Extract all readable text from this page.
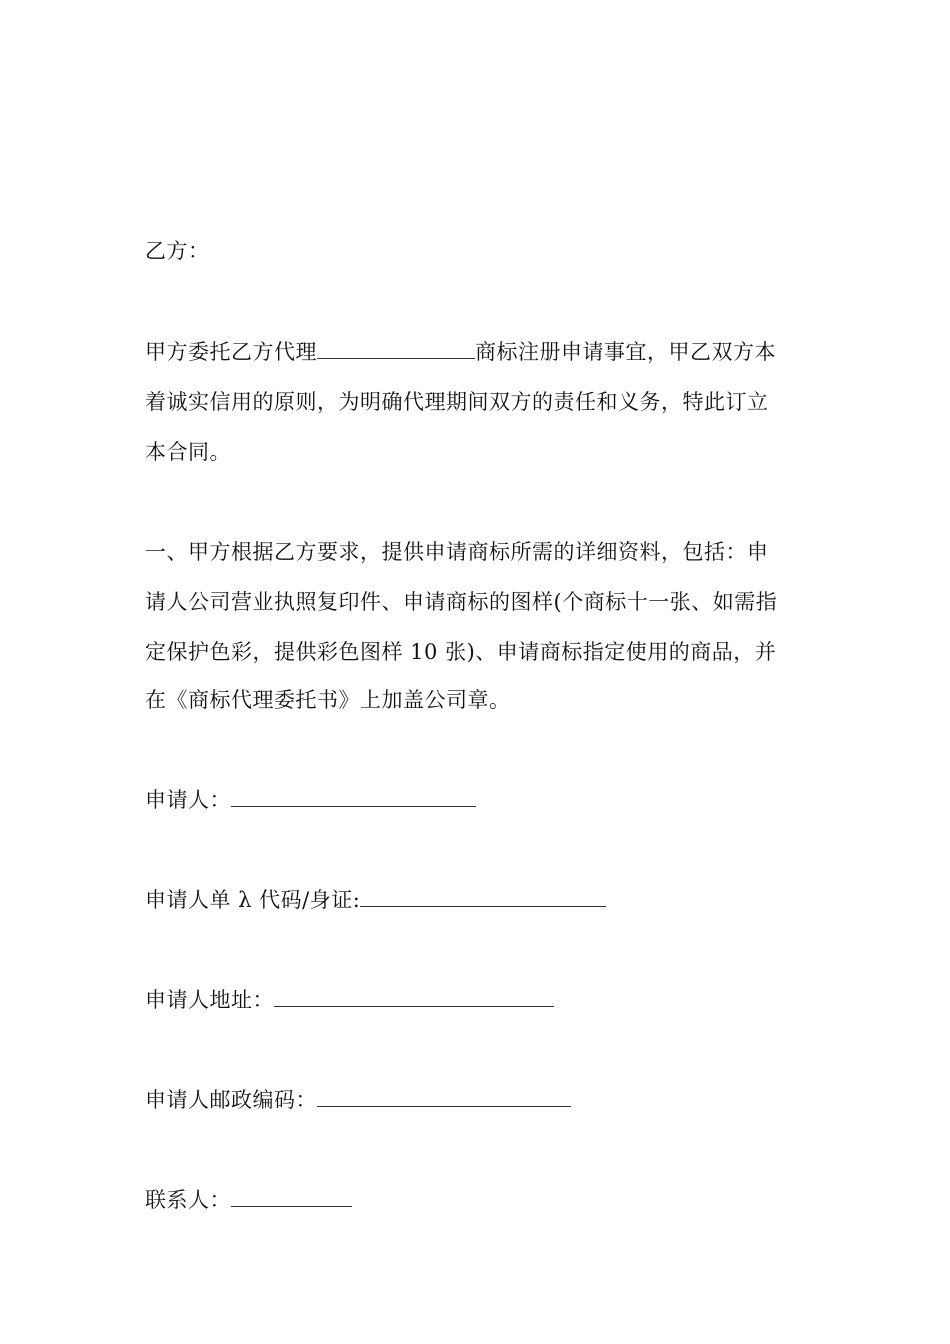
乙方：
甲方委托乙方代理	商标注册申请事宜，甲乙双方本
着诚实信用的原则，为明确代理期间双方的责任和义务，特此订立
本合同。
一、甲方根据乙方要求，提供申请商标所需的详细资料，包括：申
请人公司营业执照复印件、申请商标的图样(个商标十一张、如需指
定保护色彩，提供彩色图样 10 张)、申请商标指定使用的商品，并
在《商标代理委托书》上加盖公司章。
申请人：
申请人单 λ 代码/身证:
申请人地址：
申请人邮政编码：
联系人：
